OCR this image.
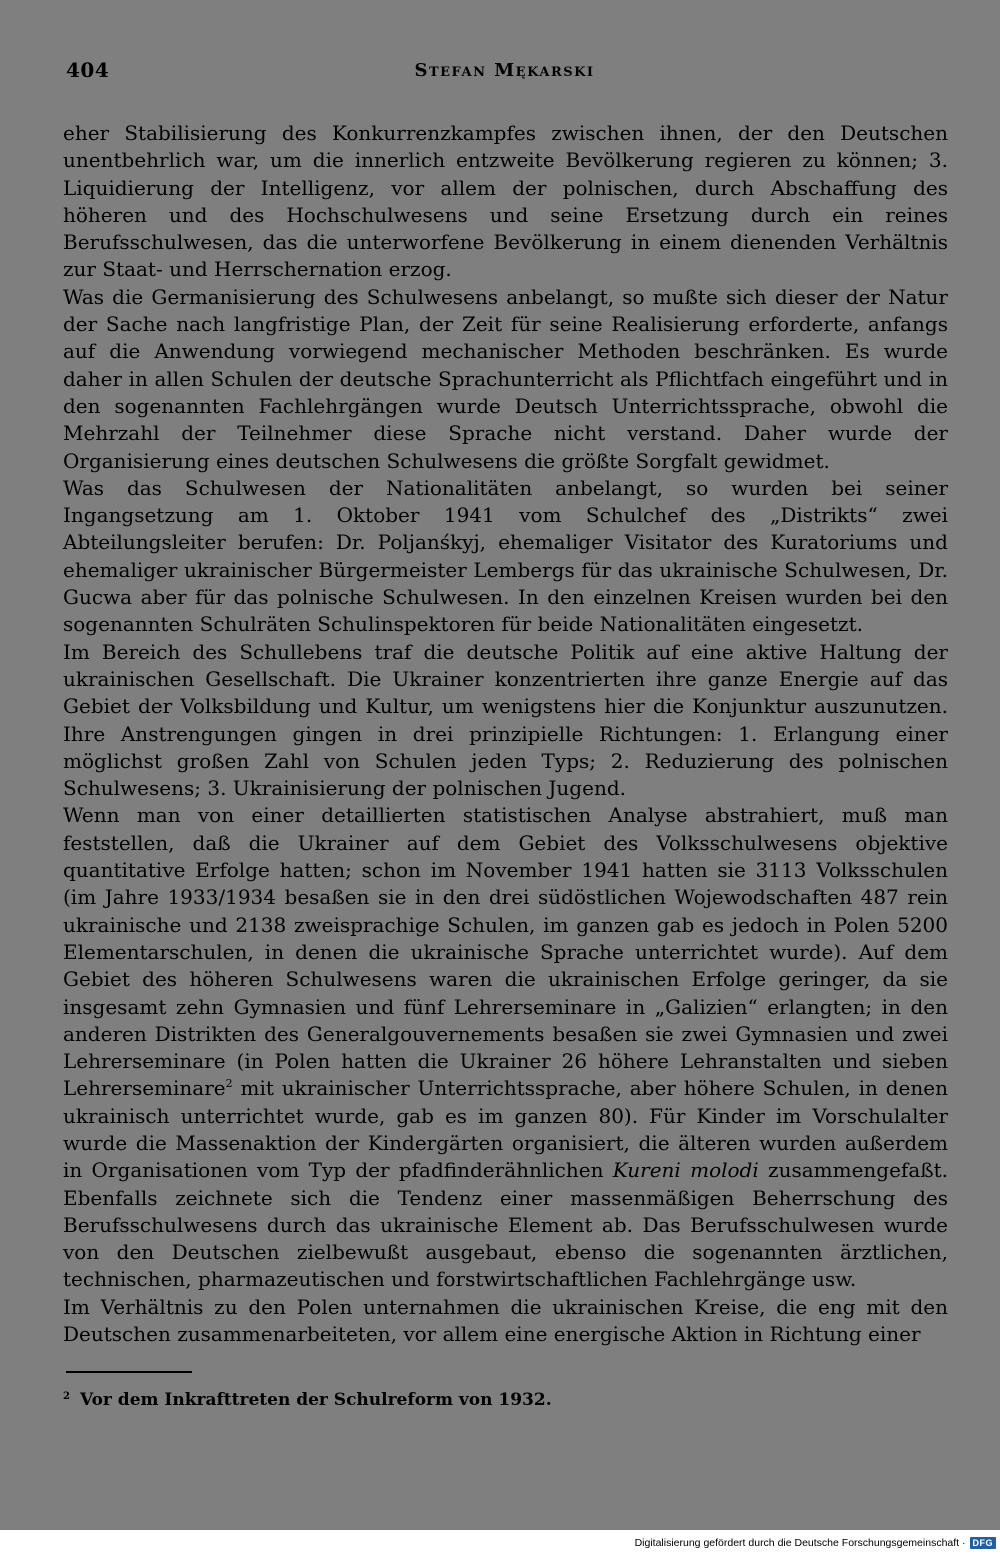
404	Stefan Mękarski

eher Stabilisierung des Konkurrenzkampfes zwischen ihnen, der den Deutschen unentbehrlich war, um die innerlich entzweite Bevölkerung regieren zu können; 3. Liquidierung der Intelligenz, vor allem der polnischen, durch Abschaffung des höheren und des Hochschulwesens und seine Ersetzung durch ein reines Berufsschulwesen, das die unterworfene Bevölkerung in einem dienenden Verhältnis zur Staat- und Herrschernation erzog.

Was die Germanisierung des Schulwesens anbelangt, so mußte sich dieser der Natur der Sache nach langfristige Plan, der Zeit für seine Realisierung erforderte, anfangs auf die Anwendung vorwiegend mechanischer Methoden beschränken. Es wurde daher in allen Schulen der deutsche Sprachunterricht als Pflichtfach eingeführt und in den sogenannten Fachlehrgängen wurde Deutsch Unterrichtssprache, obwohl die Mehrzahl der Teilnehmer diese Sprache nicht verstand. Daher wurde der Organisierung eines deutschen Schulwesens die größte Sorgfalt gewidmet.

Was das Schulwesen der Nationalitäten anbelangt, so wurden bei seiner Ingangsetzung am 1. Oktober 1941 vom Schulchef des „Distrikts“ zwei Abteilungsleiter berufen: Dr. Poljanśkyj, ehemaliger Visitator des Kuratoriums und ehemaliger ukrainischer Bürgermeister Lembergs für das ukrainische Schulwesen, Dr. Gucwa aber für das polnische Schulwesen. In den einzelnen Kreisen wurden bei den sogenannten Schulräten Schulinspektoren für beide Nationalitäten eingesetzt.

Im Bereich des Schullebens traf die deutsche Politik auf eine aktive Haltung der ukrainischen Gesellschaft. Die Ukrainer konzentrierten ihre ganze Energie auf das Gebiet der Volksbildung und Kultur, um wenigstens hier die Konjunktur auszunutzen. Ihre Anstrengungen gingen in drei prinzipielle Richtungen: 1. Erlangung einer möglichst großen Zahl von Schulen jeden Typs; 2. Reduzierung des polnischen Schulwesens; 3. Ukrainisierung der polnischen Jugend.

Wenn man von einer detaillierten statistischen Analyse abstrahiert, muß man feststellen, daß die Ukrainer auf dem Gebiet des Volksschulwesens objektive quantitative Erfolge hatten; schon im November 1941 hatten sie 3113 Volksschulen (im Jahre 1933/1934 besaßen sie in den drei südöstlichen Wojewodschaften 487 rein ukrainische und 2138 zweisprachige Schulen, im ganzen gab es jedoch in Polen 5200 Elementarschulen, in denen die ukrainische Sprache unterrichtet wurde). Auf dem Gebiet des höheren Schulwesens waren die ukrainischen Erfolge geringer, da sie insgesamt zehn Gymnasien und fünf Lehrerseminare in „Galizien“ erlangten; in den anderen Distrikten des Generalgouvernements besaßen sie zwei Gymnasien und zwei Lehrerseminare (in Polen hatten die Ukrainer 26 höhere Lehranstalten und sieben Lehrerseminare$^2$ mit ukrainischer Unterrichtssprache, aber höhere Schulen, in denen ukrainisch unterrichtet wurde, gab es im ganzen 80). Für Kinder im Vorschulalter wurde die Massenaktion der Kindergärten organisiert, die älteren wurden außerdem in Organisationen vom Typ der pfadfinderähnlichen Kureni molodi zusammengefaßt. Ebenfalls zeichnete sich die Tendenz einer massenmäßigen Beherrschung des Berufsschulwesens durch das ukrainische Element ab. Das Berufsschulwesen wurde von den Deutschen zielbewußt ausgebaut, ebenso die sogenannten ärztlichen, technischen, pharmazeutischen und forstwirtschaftlichen Fachlehrgänge usw.

Im Verhältnis zu den Polen unternahmen die ukrainischen Kreise, die eng mit den Deutschen zusammenarbeiteten, vor allem eine energische Aktion in Richtung einer

$^2$ Vor dem Inkrafttreten der Schulreform von 1932.
Digitalisierung gefördert durch die Deutsche Forschungsgemeinschaft · DFG
